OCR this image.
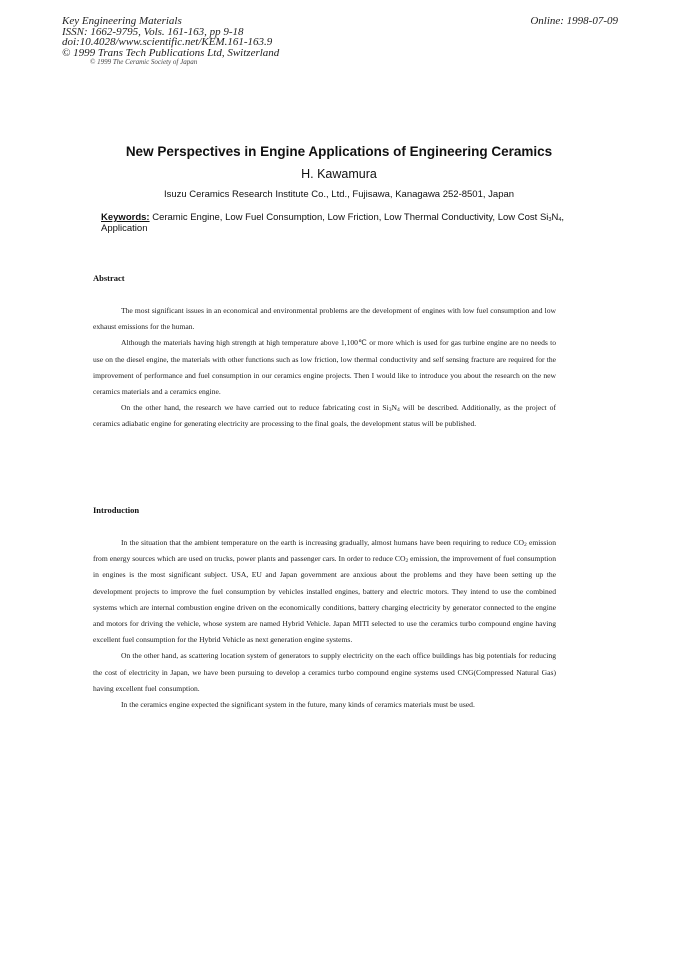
Key Engineering Materials
ISSN: 1662-9795, Vols. 161-163, pp 9-18
doi:10.4028/www.scientific.net/KEM.161-163.9
© 1999 Trans Tech Publications Ltd, Switzerland
© 1999 The Ceramic Society of Japan
Online: 1998-07-09
New Perspectives in Engine Applications of Engineering Ceramics
H. Kawamura
Isuzu Ceramics Research Institute Co., Ltd., Fujisawa, Kanagawa 252-8501, Japan
Keywords: Ceramic Engine, Low Fuel Consumption, Low Friction, Low Thermal Conductivity, Low Cost $Si_3N_4$, Application
Abstract

The most significant issues in an economical and environmental problems are the development of engines with low fuel consumption and low exhaust emissions for the human.

Although the materials having high strength at high temperature above 1,100℃ or more which is used for gas turbine engine are no needs to use on the diesel engine, the materials with other functions such as low friction, low thermal conductivity and self sensing fracture are required for the improvement of performance and fuel consumption in our ceramics engine projects. Then I would like to introduce you about the research on the new ceramics materials and a ceramics engine.

On the other hand, the research we have carried out to reduce fabricating cost in $Si_3N_4$ will be described. Additionally, as the project of ceramics adiabatic engine for generating electricity are processing to the final goals, the development status will be published.

Introduction

In the situation that the ambient temperature on the earth is increasing gradually, almost humans have been requiring to reduce $CO_2$ emission from energy sources which are used on trucks, power plants and passenger cars. In order to reduce $CO_2$ emission, the improvement of fuel consumption in engines is the most significant subject. USA, EU and Japan government are anxious about the problems and they have been setting up the development projects to improve the fuel consumption by vehicles installed engines, battery and electric motors. They intend to use the combined systems which are internal combustion engine driven on the economically conditions, battery charging electricity by generator connected to the engine and motors for driving the vehicle, whose system are named Hybrid Vehicle. Japan MITI selected to use the ceramics turbo compound engine having excellent fuel consumption for the Hybrid Vehicle as next generation engine systems.

On the other hand, as scattering location system of generators to supply electricity on the each office buildings has big potentials for reducing the cost of electricity in Japan, we have been pursuing to develop a ceramics turbo compound engine systems used CNG(Compressed Natural Gas) having excellent fuel consumption.

In the ceramics engine expected the significant system in the future, many kinds of ceramics materials must be used.
